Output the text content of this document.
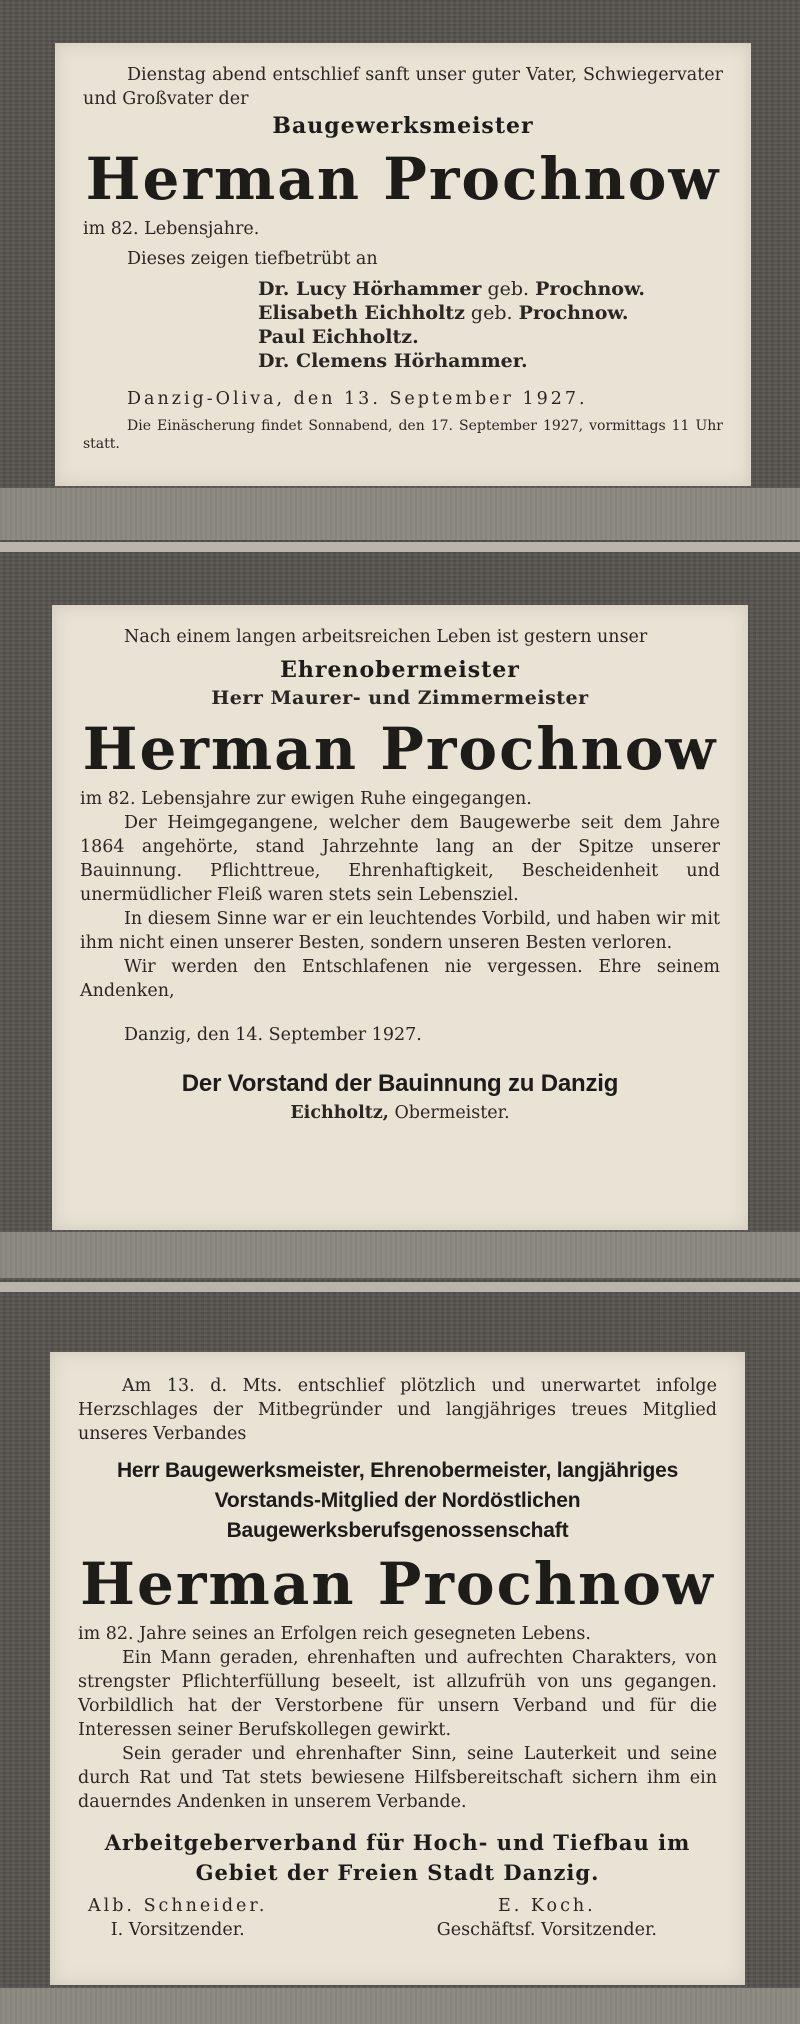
Dienstag abend entschlief sanft unser guter Vater, Schwiegervater und Großvater der

Baugewerksmeister

Herman Prochnow

im 82. Lebensjahre.

Dieses zeigen tiefbetrübt an

Dr. Lucy Hörhammer geb. Prochnow.
Elisabeth Eichholtz geb. Prochnow.
Paul Eichholtz.
Dr. Clemens Hörhammer.

Danzig-Oliva, den 13. September 1927.

Die Einäscherung findet Sonnabend, den 17. September 1927, vormittags 11 Uhr statt.

Nach einem langen arbeitsreichen Leben ist gestern unser

Ehrenobermeister

Herr Maurer- und Zimmermeister

Herman Prochnow

im 82. Lebensjahre zur ewigen Ruhe eingegangen.

Der Heimgegangene, welcher dem Baugewerbe seit dem Jahre 1864 angehörte, stand Jahrzehnte lang an der Spitze unserer Bauinnung. Pflichttreue, Ehrenhaftigkeit, Bescheidenheit und unermüdlicher Fleiß waren stets sein Lebensziel.

In diesem Sinne war er ein leuchtendes Vorbild, und haben wir mit ihm nicht einen unserer Besten, sondern unseren Besten verloren.

Wir werden den Entschlafenen nie vergessen. Ehre seinem Andenken,

Danzig, den 14. September 1927.

Der Vorstand der Bauinnung zu Danzig

Eichholtz, Obermeister.

Am 13. d. Mts. entschlief plötzlich und unerwartet infolge Herzschlages der Mitbegründer und langjähriges treues Mitglied unseres Verbandes

Herr Baugewerksmeister, Ehrenobermeister, langjähriges Vorstands-Mitglied der Nordöstlichen Baugewerksberufsgenossenschaft

Herman Prochnow

im 82. Jahre seines an Erfolgen reich gesegneten Lebens.

Ein Mann geraden, ehrenhaften und aufrechten Charakters, von strengster Pflichterfüllung beseelt, ist allzufrüh von uns gegangen. Vorbildlich hat der Verstorbene für unsern Verband und für die Interessen seiner Berufskollegen gewirkt.

Sein gerader und ehrenhafter Sinn, seine Lauterkeit und seine durch Rat und Tat stets bewiesene Hilfsbereitschaft sichern ihm ein dauerndes Andenken in unserem Verbande.

Arbeitgeberverband für Hoch- und Tiefbau im Gebiet der Freien Stadt Danzig.

Alb. Schneider.
I. Vorsitzender.
E. Koch.
Geschäftsf. Vorsitzender.
